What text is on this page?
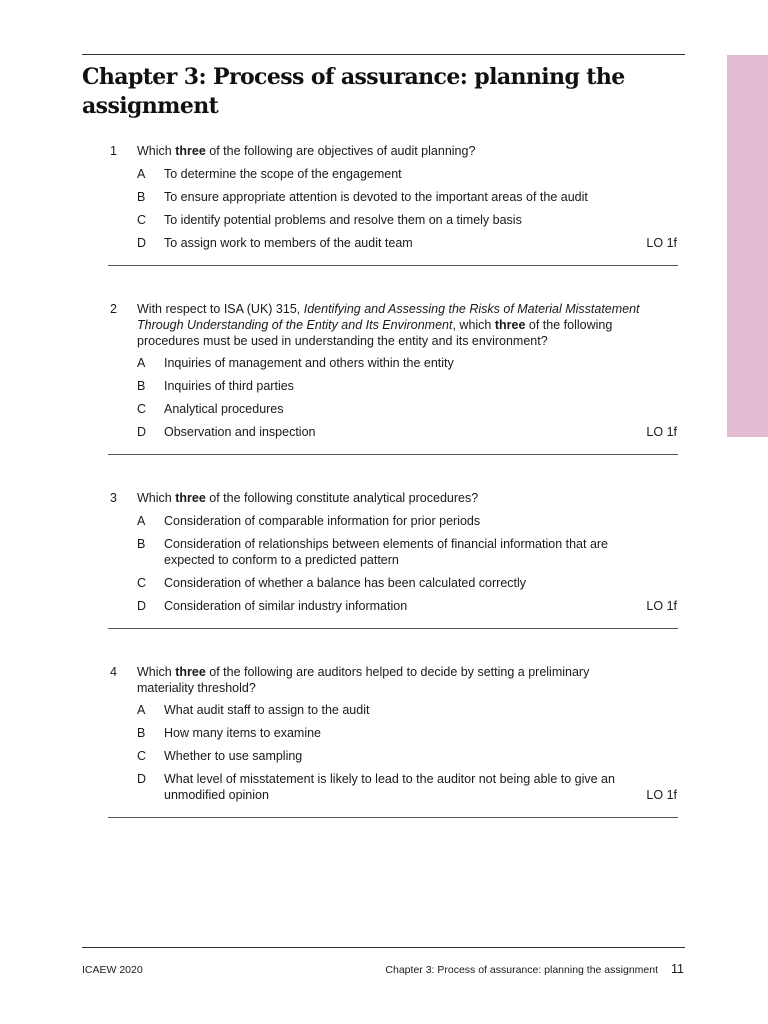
Chapter 3: Process of assurance: planning the assignment
1 Which three of the following are objectives of audit planning?
A To determine the scope of the engagement
B To ensure appropriate attention is devoted to the important areas of the audit
C To identify potential problems and resolve them on a timely basis
D To assign work to members of the audit team	LO 1f
2 With respect to ISA (UK) 315, Identifying and Assessing the Risks of Material Misstatement Through Understanding of the Entity and Its Environment, which three of the following procedures must be used in understanding the entity and its environment?
A Inquiries of management and others within the entity
B Inquiries of third parties
C Analytical procedures
D Observation and inspection	LO 1f
3 Which three of the following constitute analytical procedures?
A Consideration of comparable information for prior periods
B Consideration of relationships between elements of financial information that are expected to conform to a predicted pattern
C Consideration of whether a balance has been calculated correctly
D Consideration of similar industry information	LO 1f
4 Which three of the following are auditors helped to decide by setting a preliminary materiality threshold?
A What audit staff to assign to the audit
B How many items to examine
C Whether to use sampling
D What level of misstatement is likely to lead to the auditor not being able to give an unmodified opinion	LO 1f
ICAEW 2020	Chapter 3: Process of assurance: planning the assignment 11
